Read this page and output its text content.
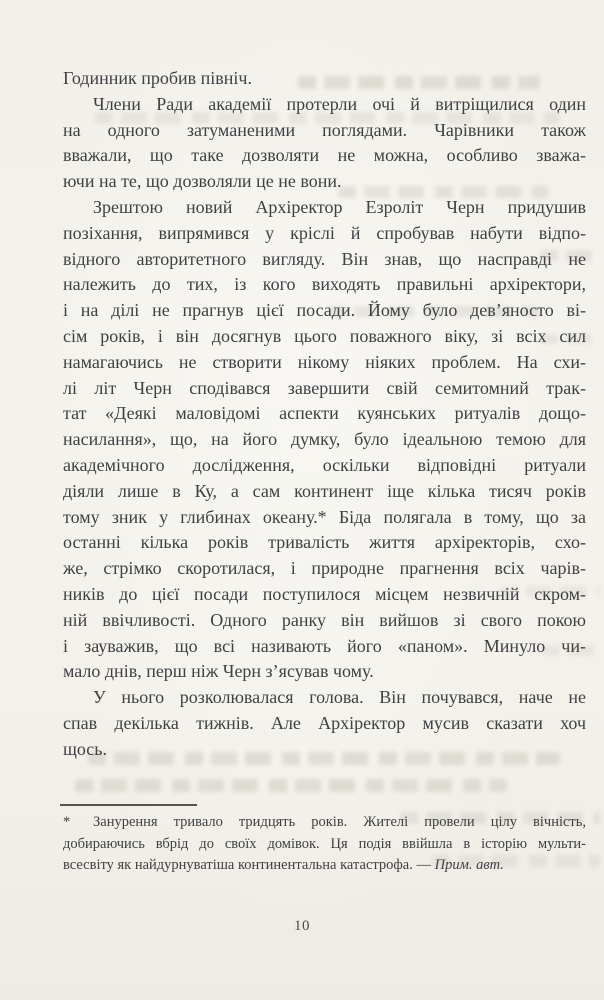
Годинник пробив північ.
Члени Ради академії протерли очі й витріщилися один
на одного затуманеними поглядами. Чарівники також
вважали, що таке дозволяти не можна, особливо зважа-
ючи на те, що дозволяли це не вони.
Зрештою новий Архіректор Езроліт Черн придушив
позіхання, випрямився у кріслі й спробував набути відпо-
відного авторитетного вигляду. Він знав, що насправді не
належить до тих, із кого виходять правильні архіректори,
і на ділі не прагнув цієї посади. Йому було дев’яносто ві-
сім років, і він досягнув цього поважного віку, зі всіх сил
намагаючись не створити нікому ніяких проблем. На схи-
лі літ Черн сподівався завершити свій семитомний трак-
тат «Деякі маловідомі аспекти куянських ритуалів дощо-
насилання», що, на його думку, було ідеальною темою для
академічного дослідження, оскільки відповідні ритуали
діяли лише в Ку, а сам континент іще кілька тисяч років
тому зник у глибинах океану.* Біда полягала в тому, що за
останні кілька років тривалість життя архіректорів, схо-
же, стрімко скоротилася, і природне прагнення всіх чарів-
ників до цієї посади поступилося місцем незвичній скром-
ній ввічливості. Одного ранку він вийшов зі свого покою
і зауважив, що всі називають його «паном». Минуло чи-
мало днів, перш ніж Черн з’ясував чому.
У нього розколювалася голова. Він почувався, наче не
спав декілька тижнів. Але Архіректор мусив сказати хоч
щось.
* Занурення тривало тридцять років. Жителі провели цілу вічність,
добираючись вбрід до своїх домівок. Ця подія ввійшла в історію мульти-
всесвіту як найдурнуватіша континентальна катастрофа. — Прим. авт.
10
